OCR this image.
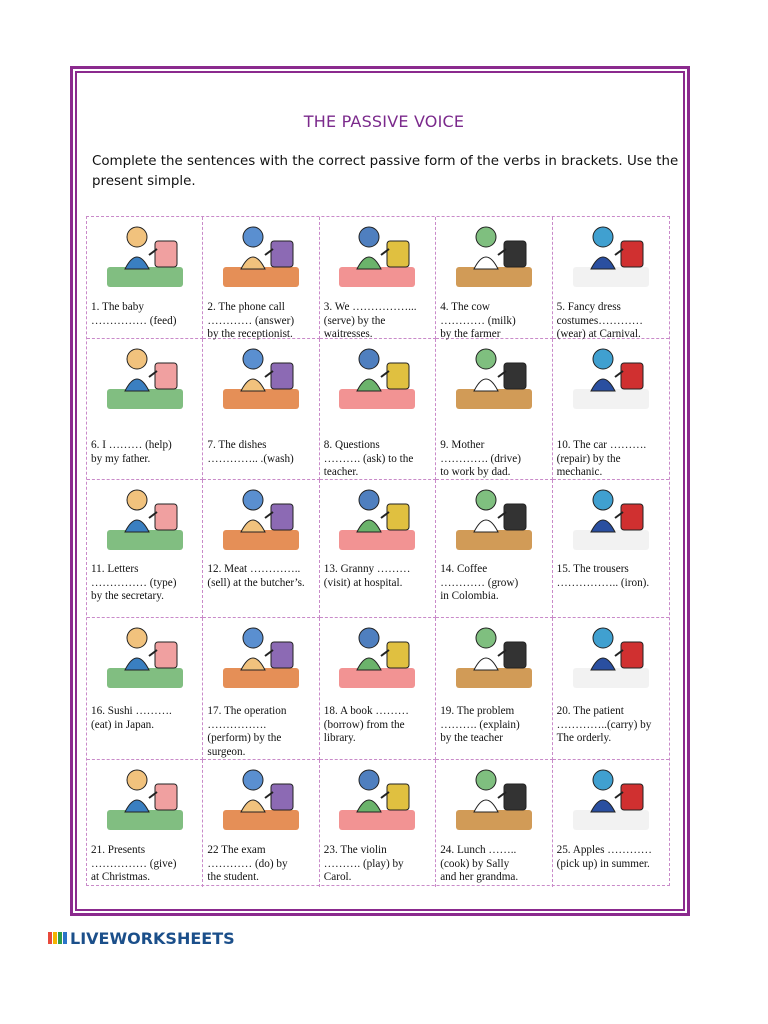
THE PASSIVE VOICE
Complete the sentences with the correct passive form of the verbs in brackets. Use the present simple.
1. The baby
…………… (feed)
2. The phone call
………… (answer)
by the receptionist.
3. We ……………...
(serve) by the
waitresses.
4. The cow
………… (milk)
by the farmer
5. Fancy dress
costumes…………
(wear) at Carnival.
6. I ……… (help)
by my father.
7. The dishes
………….. .(wash)
8. Questions
………. (ask) to the
teacher.
9. Mother
…………. (drive)
to work by dad.
10. The car ……….
(repair) by the
mechanic.
11. Letters
…………… (type)
by the secretary.
12. Meat …………..
(sell) at the butcher’s.
13. Granny ………
(visit) at hospital.
14. Coffee
………… (grow)
in Colombia.
15. The trousers
…………….. (iron).
16. Sushi ……….
(eat) in Japan.
17. The operation
…………….
(perform) by the
surgeon.
18. A book ………
(borrow) from the
library.
19. The problem
………. (explain)
by the teacher
20. The patient
…………..(carry) by
The orderly.
21. Presents
…………… (give)
at Christmas.
22 The exam
………… (do) by
the student.
23. The violin
………. (play) by
Carol.
24. Lunch ……..
(cook) by Sally
and her grandma.
25. Apples …………
(pick up) in summer.
LIVEWORKSHEETS
